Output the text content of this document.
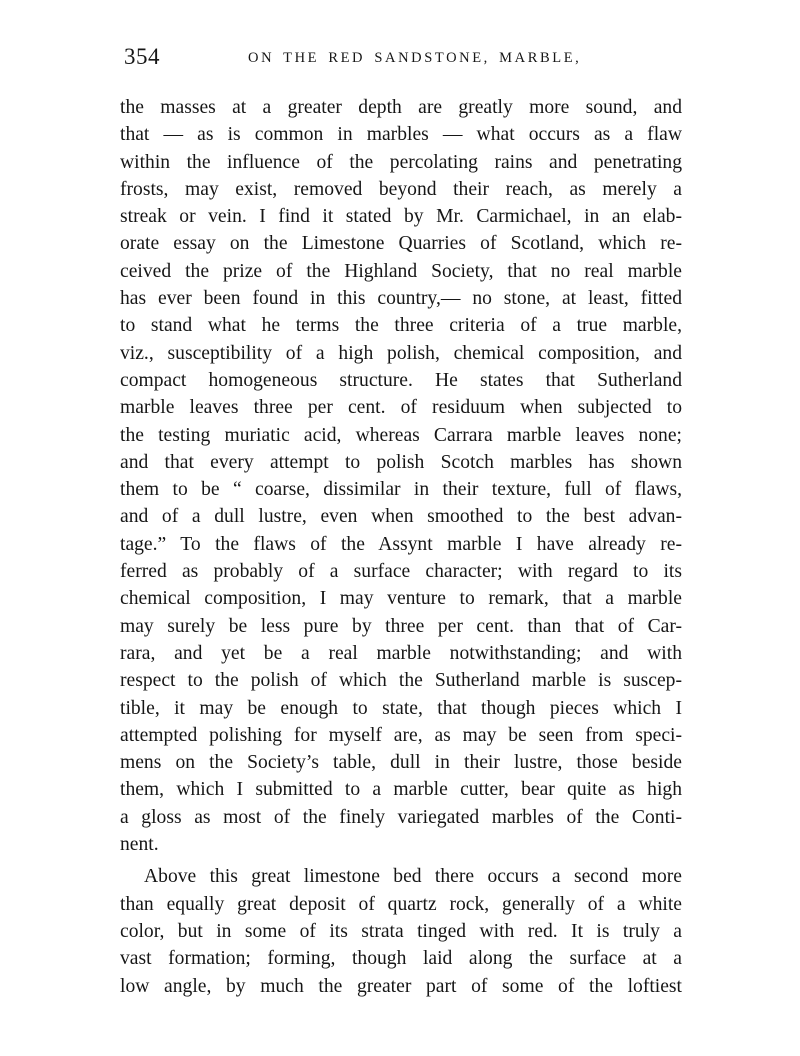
354	ON THE RED SANDSTONE, MARBLE,
the masses at a greater depth are greatly more sound, and
that — as is common in marbles — what occurs as a flaw
within the influence of the percolating rains and penetrating
frosts, may exist, removed beyond their reach, as merely a
streak or vein. I find it stated by Mr. Carmichael, in an elab-
orate essay on the Limestone Quarries of Scotland, which re-
ceived the prize of the Highland Society, that no real marble
has ever been found in this country,— no stone, at least, fitted
to stand what he terms the three criteria of a true marble,
viz., susceptibility of a high polish, chemical composition, and
compact homogeneous structure. He states that Sutherland
marble leaves three per cent. of residuum when subjected to
the testing muriatic acid, whereas Carrara marble leaves none;
and that every attempt to polish Scotch marbles has shown
them to be “ coarse, dissimilar in their texture, full of flaws,
and of a dull lustre, even when smoothed to the best advan-
tage.” To the flaws of the Assynt marble I have already re-
ferred as probably of a surface character; with regard to its
chemical composition, I may venture to remark, that a marble
may surely be less pure by three per cent. than that of Car-
rara, and yet be a real marble notwithstanding; and with
respect to the polish of which the Sutherland marble is suscep-
tible, it may be enough to state, that though pieces which I
attempted polishing for myself are, as may be seen from speci-
mens on the Society’s table, dull in their lustre, those beside
them, which I submitted to a marble cutter, bear quite as high
a gloss as most of the finely variegated marbles of the Conti-
nent.
Above this great limestone bed there occurs a second more
than equally great deposit of quartz rock, generally of a white
color, but in some of its strata tinged with red. It is truly a
vast formation; forming, though laid along the surface at a
low angle, by much the greater part of some of the loftiest
